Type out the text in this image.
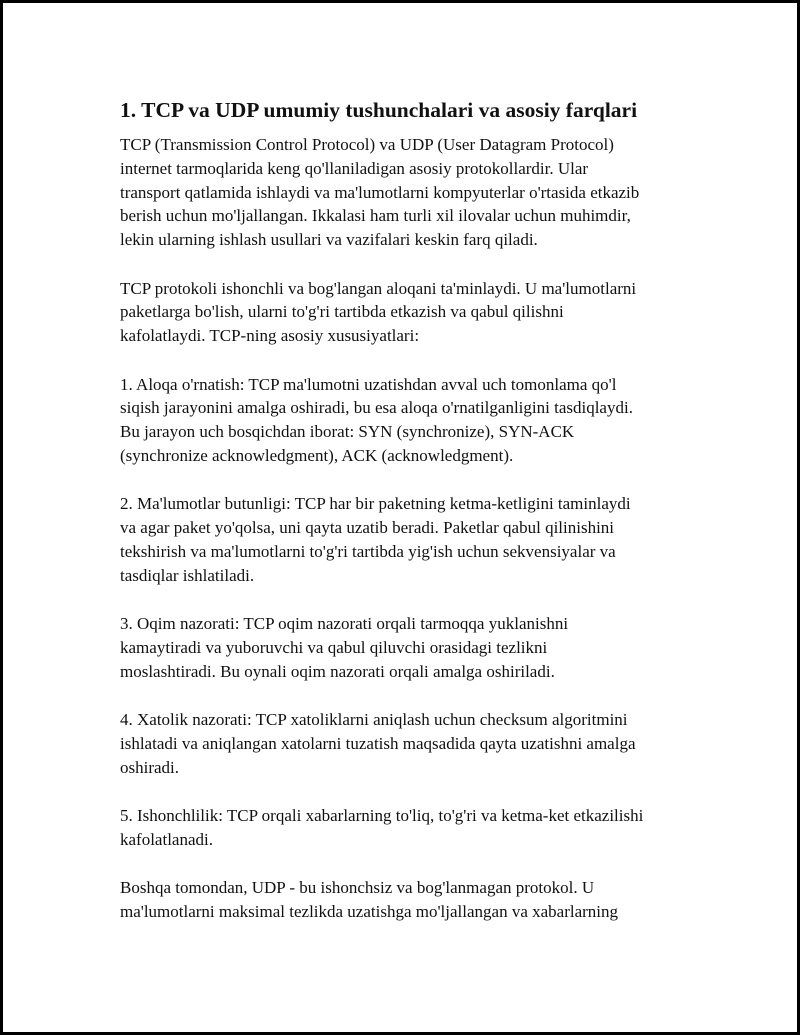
1. TCP va UDP umumiy tushunchalari va asosiy farqlari
TCP (Transmission Control Protocol) va UDP (User Datagram Protocol)
internet tarmoqlarida keng qo'llaniladigan asosiy protokollardir. Ular
transport qatlamida ishlaydi va ma'lumotlarni kompyuterlar o'rtasida etkazib
berish uchun mo'ljallangan. Ikkalasi ham turli xil ilovalar uchun muhimdir,
lekin ularning ishlash usullari va vazifalari keskin farq qiladi.
TCP protokoli ishonchli va bog'langan aloqani ta'minlaydi. U ma'lumotlarni
paketlarga bo'lish, ularni to'g'ri tartibda etkazish va qabul qilishni
kafolatlaydi. TCP-ning asosiy xususiyatlari:
1. Aloqa o'rnatish: TCP ma'lumotni uzatishdan avval uch tomonlama qo'l
siqish jarayonini amalga oshiradi, bu esa aloqa o'rnatilganligini tasdiqlaydi.
Bu jarayon uch bosqichdan iborat: SYN (synchronize), SYN-ACK
(synchronize acknowledgment), ACK (acknowledgment).
2. Ma'lumotlar butunligi: TCP har bir paketning ketma-ketligini taminlaydi
va agar paket yo'qolsa, uni qayta uzatib beradi. Paketlar qabul qilinishini
tekshirish va ma'lumotlarni to'g'ri tartibda yig'ish uchun sekvensiyalar va
tasdiqlar ishlatiladi.
3. Oqim nazorati: TCP oqim nazorati orqali tarmoqqa yuklanishni
kamaytiradi va yuboruvchi va qabul qiluvchi orasidagi tezlikni
moslashtiradi. Bu oynali oqim nazorati orqali amalga oshiriladi.
4. Xatolik nazorati: TCP xatoliklarni aniqlash uchun checksum algoritmini
ishlatadi va aniqlangan xatolarni tuzatish maqsadida qayta uzatishni amalga
oshiradi.
5. Ishonchlilik: TCP orqali xabarlarning to'liq, to'g'ri va ketma-ket etkazilishi
kafolatlanadi.
Boshqa tomondan, UDP - bu ishonchsiz va bog'lanmagan protokol. U
ma'lumotlarni maksimal tezlikda uzatishga mo'ljallangan va xabarlarning
